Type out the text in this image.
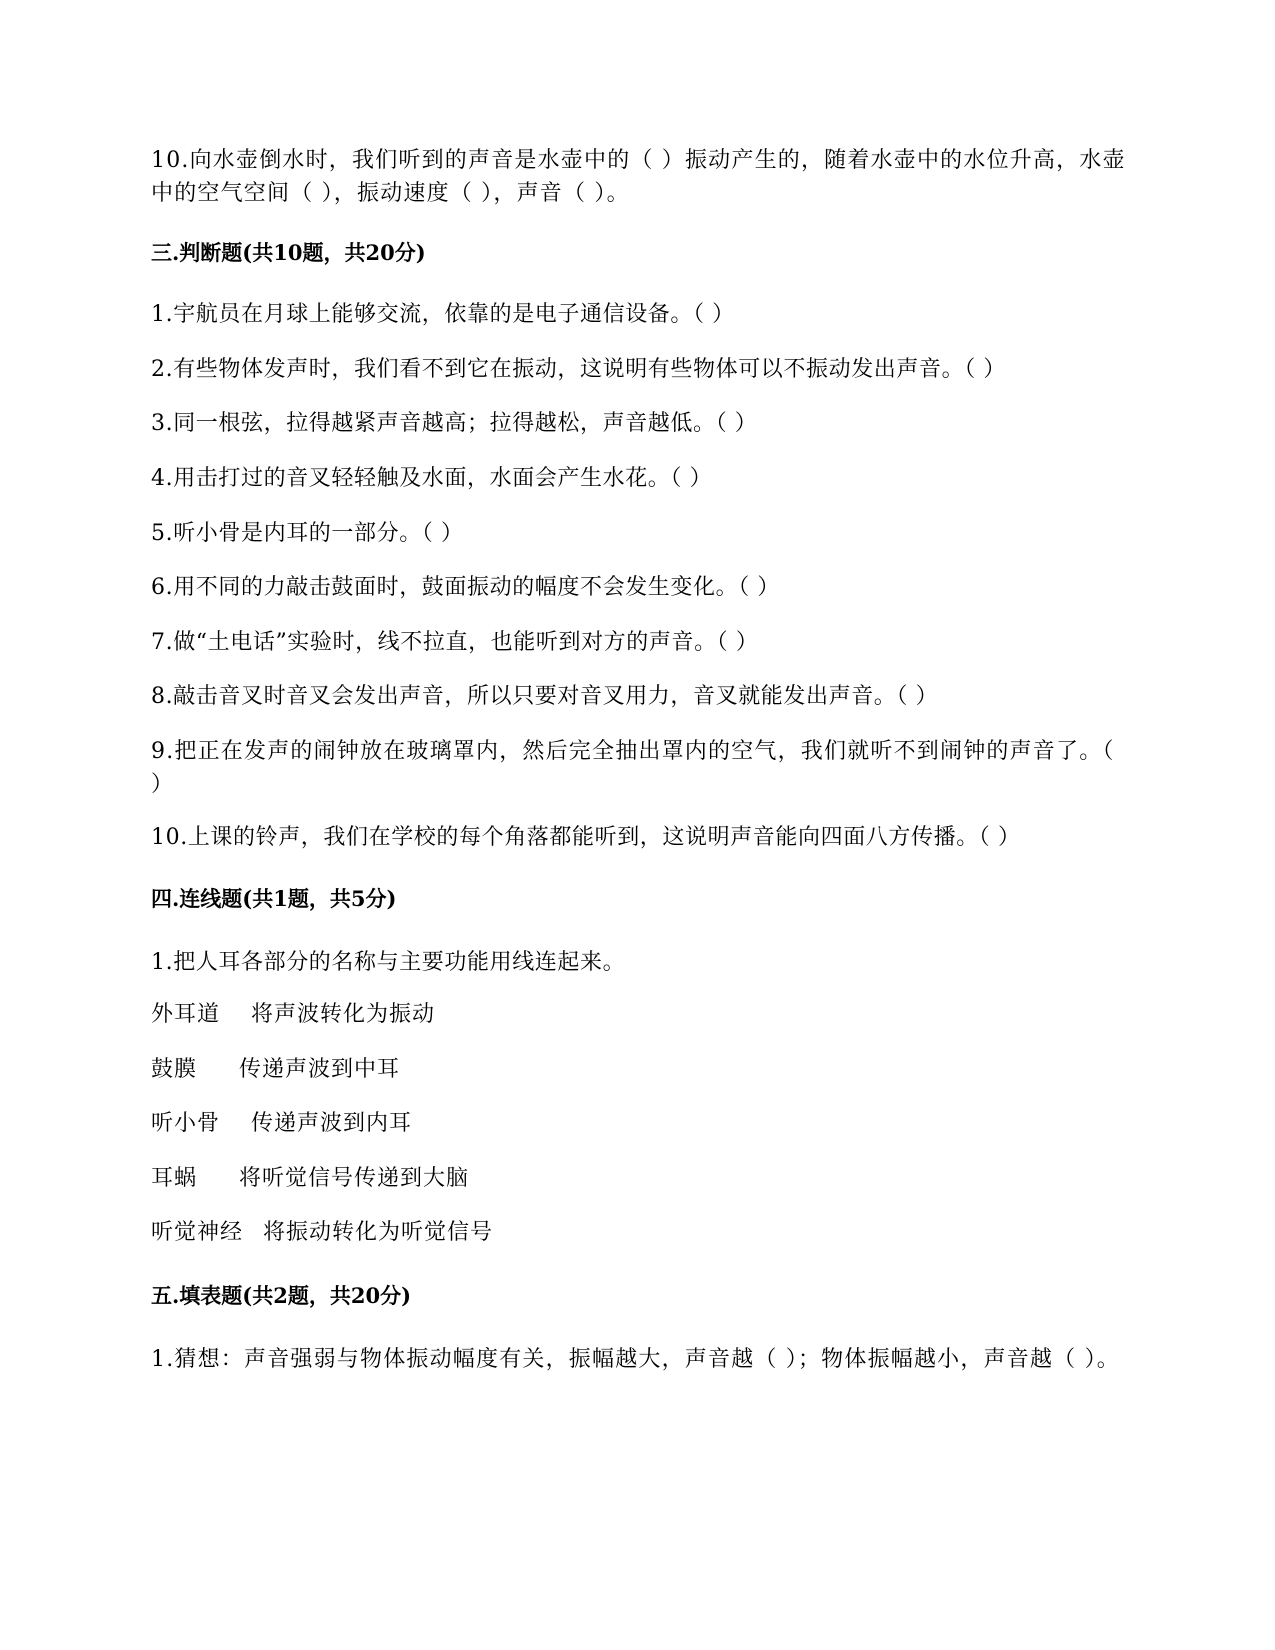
10.向水壶倒水时，我们听到的声音是水壶中的（ ）振动产生的，随着水壶中的水位升高，水壶中的空气空间（ ），振动速度（ ），声音（ ）。
三.判断题(共10题，共20分)
1.宇航员在月球上能够交流，依靠的是电子通信设备。（ ）
2.有些物体发声时，我们看不到它在振动，这说明有些物体可以不振动发出声音。（ ）
3.同一根弦，拉得越紧声音越高；拉得越松，声音越低。（ ）
4.用击打过的音叉轻轻触及水面，水面会产生水花。（ ）
5.听小骨是内耳的一部分。（ ）
6.用不同的力敲击鼓面时，鼓面振动的幅度不会发生变化。（ ）
7.做“土电话”实验时，线不拉直，也能听到对方的声音。（ ）
8.敲击音叉时音叉会发出声音，所以只要对音叉用力，音叉就能发出声音。（ ）
9.把正在发声的闹钟放在玻璃罩内，然后完全抽出罩内的空气，我们就听不到闹钟的声音了。（ ）
10.上课的铃声，我们在学校的每个角落都能听到，这说明声音能向四面八方传播。（ ）
四.连线题(共1题，共5分)
1.把人耳各部分的名称与主要功能用线连起来。
外耳道 将声波转化为振动
鼓膜 传递声波到中耳
听小骨 传递声波到内耳
耳蜗 将听觉信号传递到大脑
听觉神经 将振动转化为听觉信号
五.填表题(共2题，共20分)
1.猜想：声音强弱与物体振动幅度有关，振幅越大，声音越（ ）；物体振幅越小，声音越（ ）。
